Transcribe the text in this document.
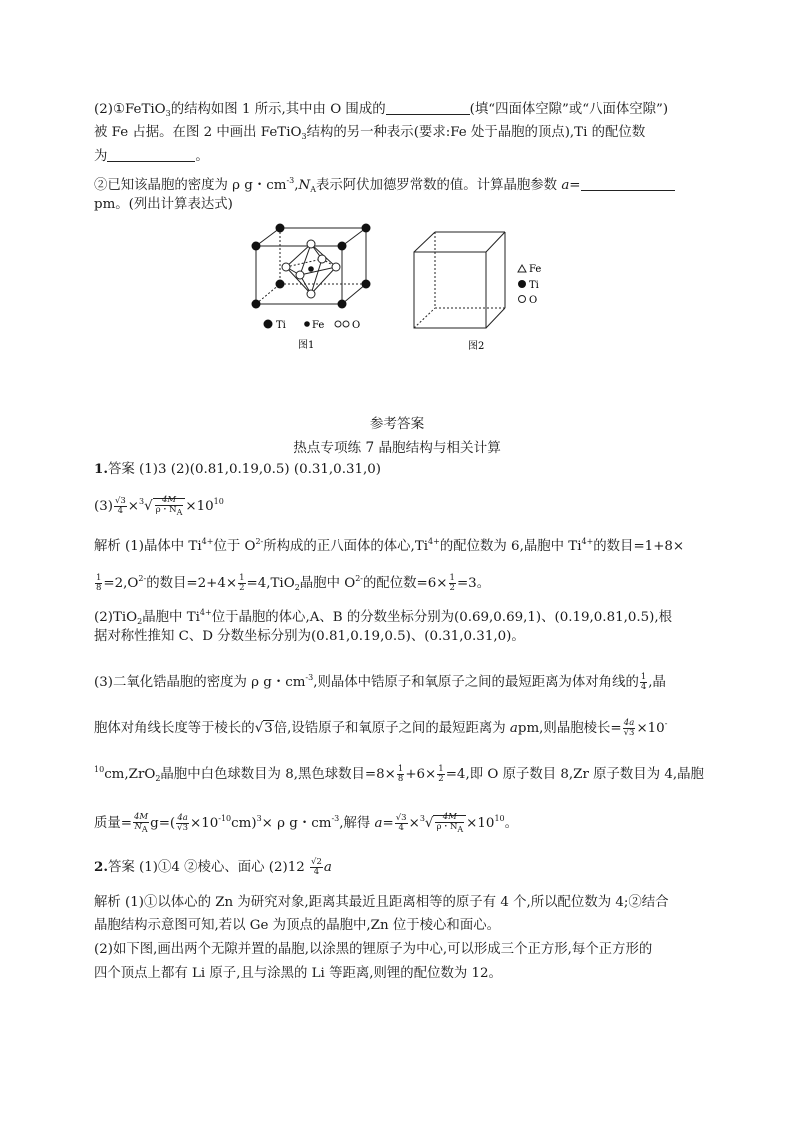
(2)①FeTiO$_3$的结构如图 1 所示,其中由 O 围成的	(填“四面体空隙”或“八面体空隙”)
被 Fe 占据。在图 2 中画出 FeTiO$_3$结构的另一种表示(要求:Fe 处于晶胞的顶点),Ti 的配位数
为	。
②已知该晶胞的密度为 ρ g・$cm^{-3},N_A$表示阿伏加德罗常数的值。计算晶胞参数 a=
pm。(列出计算表达式)
Ti	Fe	O
图1
Fe
Ti
O
图2
参考答案
热点专项练 7 晶胞结构与相关计算
1.答案 (1)3 (2)(0.81,0.19,0.5) (0.31,0.31,0)
$(3) \frac{√3}{4} \times^3√ \frac{4M}{\rho・NA} \times 10^{10}$
解析 (1)晶体中 $Ti^{4+}$位于 $O^{2-}$所构成的正八面体的体心$,Ti^{4+}$的配位数为 6,晶胞中 $Ti^{4+}$的数目=1+8×
$\frac{1}{8} =2,O^{2-}$的数目$=2+4\times \frac{1}{2} =4,TiO_2$晶胞中 $O^{2-}$的配位数$=6\times \frac{1}{2} =3$。
(2)TiO$_2$晶胞中 $Ti^{4+}$位于晶胞的体心,A、B 的分数坐标分别为(0.69,0.69,1)、(0.19,0.81,0.5),根
据对称性推知 C、D 分数坐标分别为(0.81,0.19,0.5)、(0.31,0.31,0)。
(3)二氧化锆晶胞的密度为 ρ g・$cm^{-3}$,则晶体中锆原子和氧原子之间的最短距离为体对角线的 $\frac{1}{4}$ ,晶
胞体对角线长度等于棱长的√3倍,设锆原子和氧原子之间的最短距离为 apm,则晶胞棱长= $\frac{4a}{√3} \times 10^-$
$^{10}$cm,ZrO$_2$晶胞中白色球数目为 8,黑色球数目$=8\times \frac{1}{8} +6\times \frac{1}{2} =4$,即 O 原子数目 8,Zr 原子数目为 4,晶胞
质量= $\frac{4M}{NA} g=( \frac{4a}{√3} \times 10^{-10}cm)^3\times \rho$ g・$cm^{-3}$,解得 $a= \frac{√3}{4} \times^3√ \frac{4M}{\rho・NA} \times 10^{10}$。
2.答案 (1)①4 ②棱心、面心 $(2)12 \frac{√2}{4}$ a
解析 (1)①以体心的 Zn 为研究对象,距离其最近且距离相等的原子有 4 个,所以配位数为 4;②结合
晶胞结构示意图可知,若以 Ge 为顶点的晶胞中,Zn 位于棱心和面心。
(2)如下图,画出两个无隙并置的晶胞,以涂黑的锂原子为中心,可以形成三个正方形,每个正方形的
四个顶点上都有 Li 原子,且与涂黑的 Li 等距离,则锂的配位数为 12。
